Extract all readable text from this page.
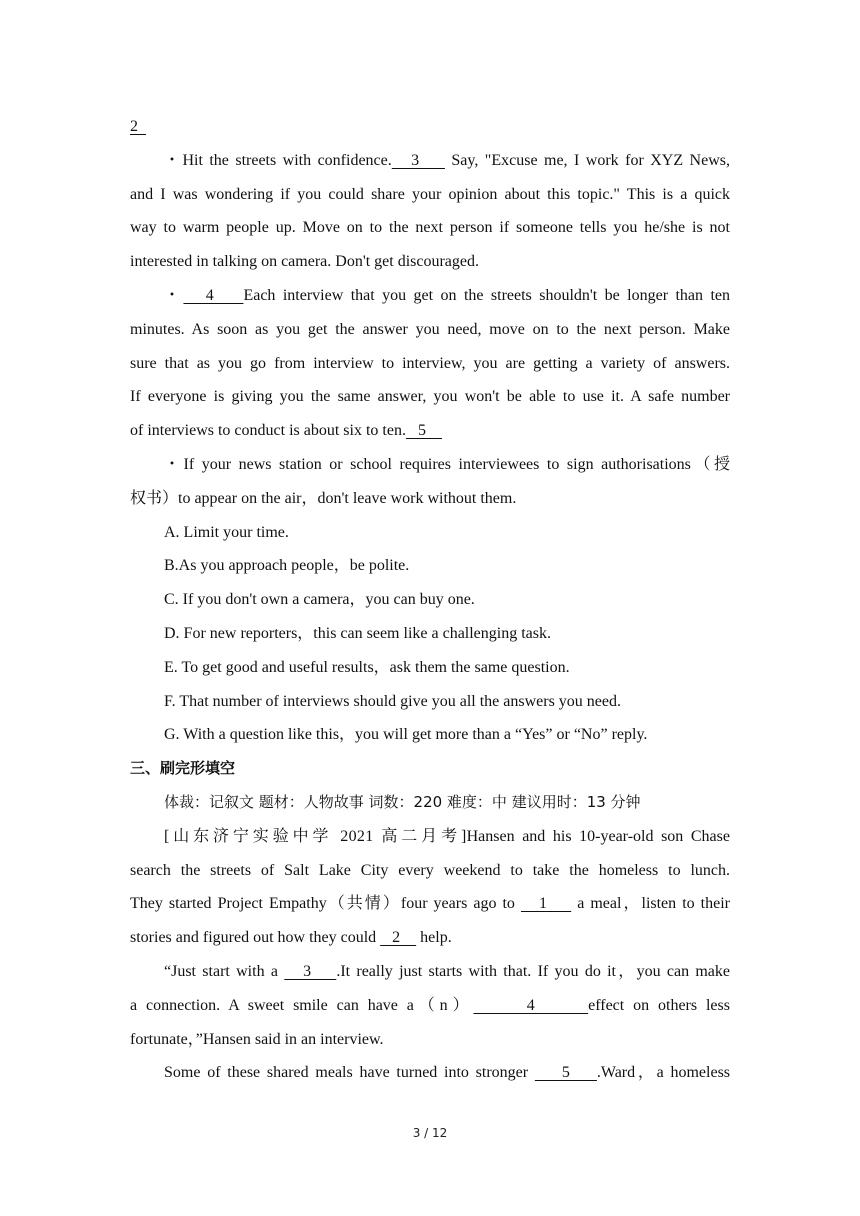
2

・Hit the streets with confidence.   3     Say, "Excuse me, I work for XYZ News,

and I was wondering if you could share your opinion about this topic." This is a quick

way to warm people up. Move on to the next person if someone tells you he/she is not

interested in talking on camera. Don't get discouraged.

・   4    Each interview that you get on the streets shouldn't be longer than ten

minutes. As soon as you get the answer you need, move on to the next person. Make

sure that as you go from interview to interview, you are getting a variety of answers.

If everyone is giving you the same answer, you won't be able to use it. A safe number

of interviews to conduct is about six to ten.   5

・If your news station or school requires interviewees to sign authorisations（授

权书）to appear on the air，don't leave work without them.

A. Limit your time.

B.As you approach people，be polite.

C. If you don't own a camera，you can buy one.

D. For new reporters，this can seem like a challenging task.

E. To get good and useful results，ask them the same question.

F. That number of interviews should give you all the answers you need.

G. With a question like this，you will get more than a “Yes” or “No” reply.

三、刷完形填空

体裁：记叙文 题材：人物故事 词数：220 难度：中 建议用时：13 分钟

[山东济宁实验中学 2021 高二月考]Hansen and his 10-year-old son Chase

search the streets of Salt Lake City every weekend to take the homeless to lunch.

They started Project Empathy（共情）four years ago to    1     a meal，listen to their

stories and figured out how they could    2     help.

“Just start with a    3    .It really just starts with that. If you do it，you can make

a connection. A sweet smile can have a（n）      4      effect on others less

fortunate，”Hansen said in an interview.

Some of these shared meals have turned into stronger     5    .Ward，a homeless

3 / 12
